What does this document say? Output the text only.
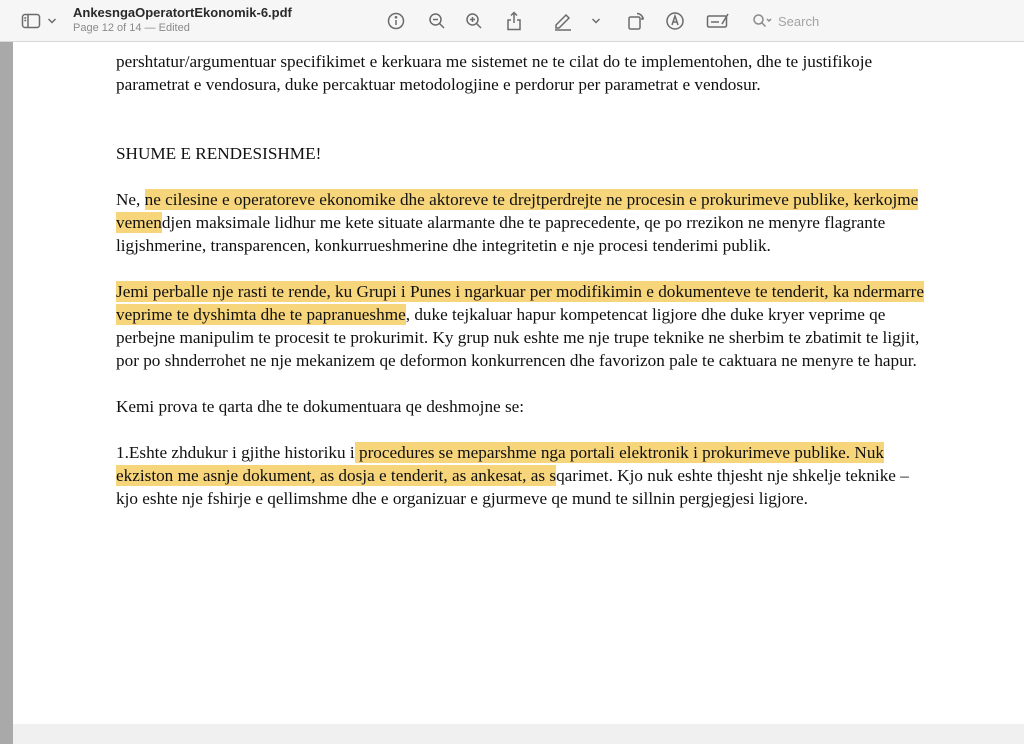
AnkesngaOperatortEkonomik-6.pdf
Page 12 of 14 — Edited	Search

pershtatur/argumentuar specifikimet e kerkuara me sistemet ne te cilat do te implementohen, dhe te justifikoje parametrat e vendosura, duke percaktuar metodologjine e perdorur per parametrat e vendosur.

SHUME E RENDESISHME!

Ne, ne cilesine e operatoreve ekonomike dhe aktoreve te drejtperdrejte ne procesin e prokurimeve publike, kerkojme vemendjen maksimale lidhur me kete situate alarmante dhe te paprecedente, qe po rrezikon ne menyre flagrante ligjshmerine, transparencen, konkurrueshmerine dhe integritetin e nje procesi tenderimi publik.

Jemi perballe nje rasti te rende, ku Grupi i Punes i ngarkuar per modifikimin e dokumenteve te tenderit, ka ndermarre veprime te dyshimta dhe te papranueshme, duke tejkaluar hapur kompetencat ligjore dhe duke kryer veprime qe perbejne manipulim te procesit te prokurimit. Ky grup nuk eshte me nje trupe teknike ne sherbim te zbatimit te ligjit, por po shnderrohet ne nje mekanizem qe deformon konkurrencen dhe favorizon pale te caktuara ne menyre te hapur.

Kemi prova te qarta dhe te dokumentuara qe deshmojne se:

1.Eshte zhdukur i gjithe historiku i procedures se meparshme nga portali elektronik i prokurimeve publike. Nuk ekziston me asnje dokument, as dosja e tenderit, as ankesat, as sqarimet. Kjo nuk eshte thjesht nje shkelje teknike – kjo eshte nje fshirje e qellimshme dhe e organizuar e gjurmeve qe mund te sillnin pergjegjesi ligjore.
